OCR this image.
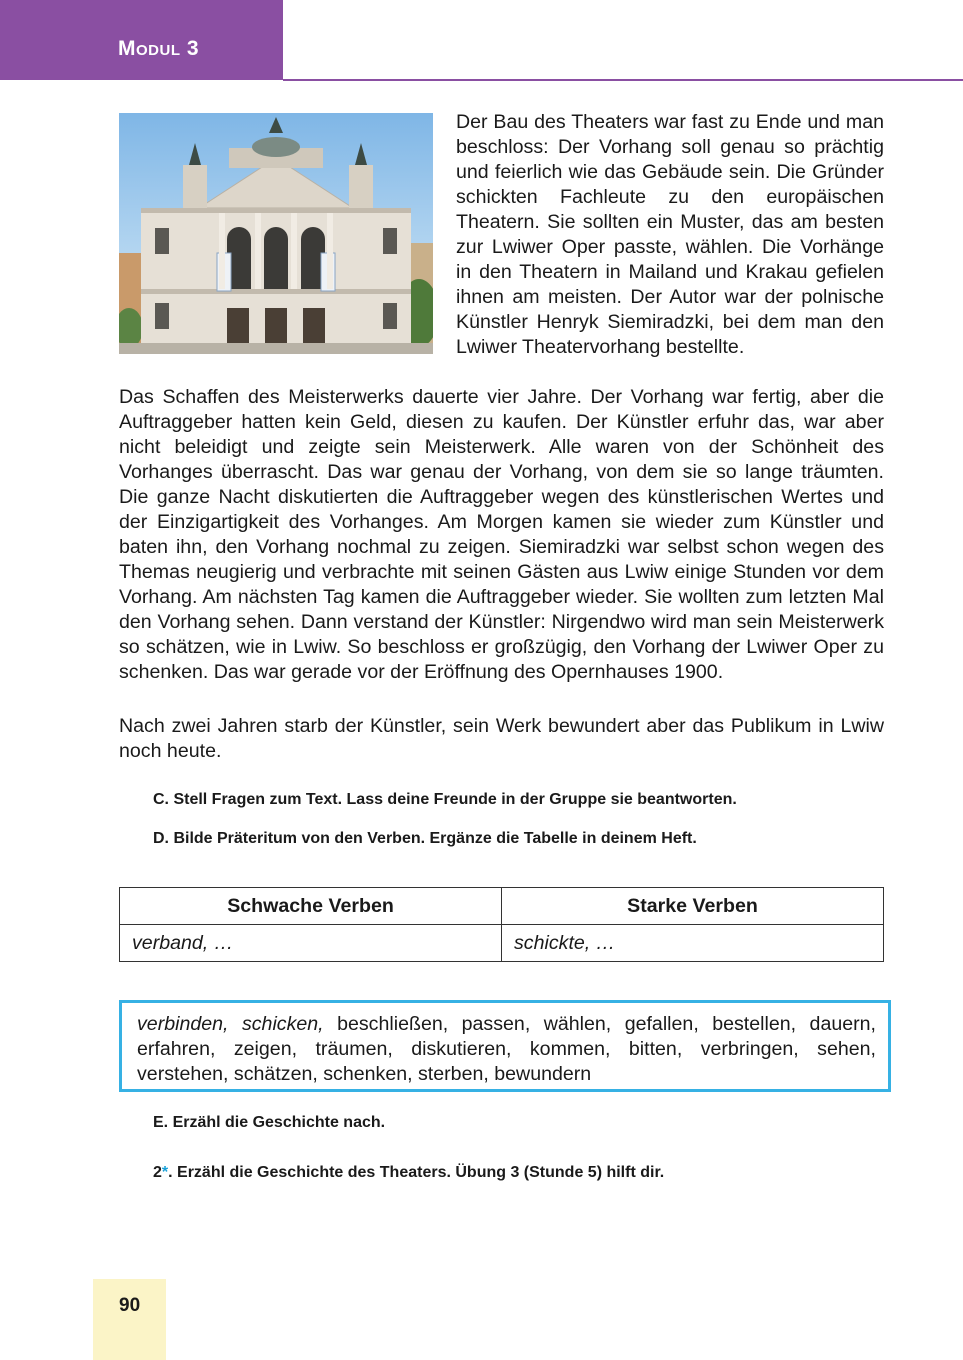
Modul 3

Der Bau des Theaters war fast zu Ende und man beschloss: Der Vorhang soll genau so prächtig und feierlich wie das Gebäude sein. Die Gründer schickten Fachleute zu den europäischen Theatern. Sie sollten ein Muster, das am besten zur Lwiwer Oper passte, wählen. Die Vorhänge in den Theatern in Mailand und Krakau gefielen ihnen am meisten. Der Autor war der polnische Künstler Henryk Siemiradzki, bei dem man den Lwiwer Theatervorhang bestellte.

Das Schaffen des Meisterwerks dauerte vier Jahre. Der Vorhang war fertig, aber die Auftraggeber hatten kein Geld, diesen zu kaufen. Der Künstler erfuhr das, war aber nicht beleidigt und zeigte sein Meisterwerk. Alle waren von der Schönheit des Vorhanges überrascht. Das war genau der Vorhang, von dem sie so lange träumten. Die ganze Nacht diskutierten die Auftraggeber wegen des künstlerischen Wertes und der Einzigartigkeit des Vorhanges. Am Morgen kamen sie wieder zum Künstler und baten ihn, den Vorhang nochmal zu zeigen. Siemiradzki war selbst schon wegen des Themas neugierig und verbrachte mit seinen Gästen aus Lwiw einige Stunden vor dem Vorhang. Am nächsten Tag kamen die Auftraggeber wieder. Sie wollten zum letzten Mal den Vorhang sehen. Dann verstand der Künstler: Nirgendwo wird man sein Meisterwerk so schätzen, wie in Lwiw. So beschloss er großzügig, den Vorhang der Lwiwer Oper zu schenken. Das war gerade vor der Eröffnung des Opernhauses 1900.

Nach zwei Jahren starb der Künstler, sein Werk bewundert aber das Publikum in Lwiw noch heute.

C. Stell Fragen zum Text. Lass deine Freunde in der Gruppe sie beantworten.

D. Bilde Präteritum von den Verben. Ergänze die Tabelle in deinem Heft.

Schwache Verben	Starke Verben
verband, …	schickte, …

verbinden, schicken, beschließen, passen, wählen, gefallen, bestellen, dauern, erfahren, zeigen, träumen, diskutieren, kommen, bitten, verbringen, sehen, verstehen, schätzen, schenken, sterben, bewundern

E. Erzähl die Geschichte nach.

2*. Erzähl die Geschichte des Theaters. Übung 3 (Stunde 5) hilft dir.

90
